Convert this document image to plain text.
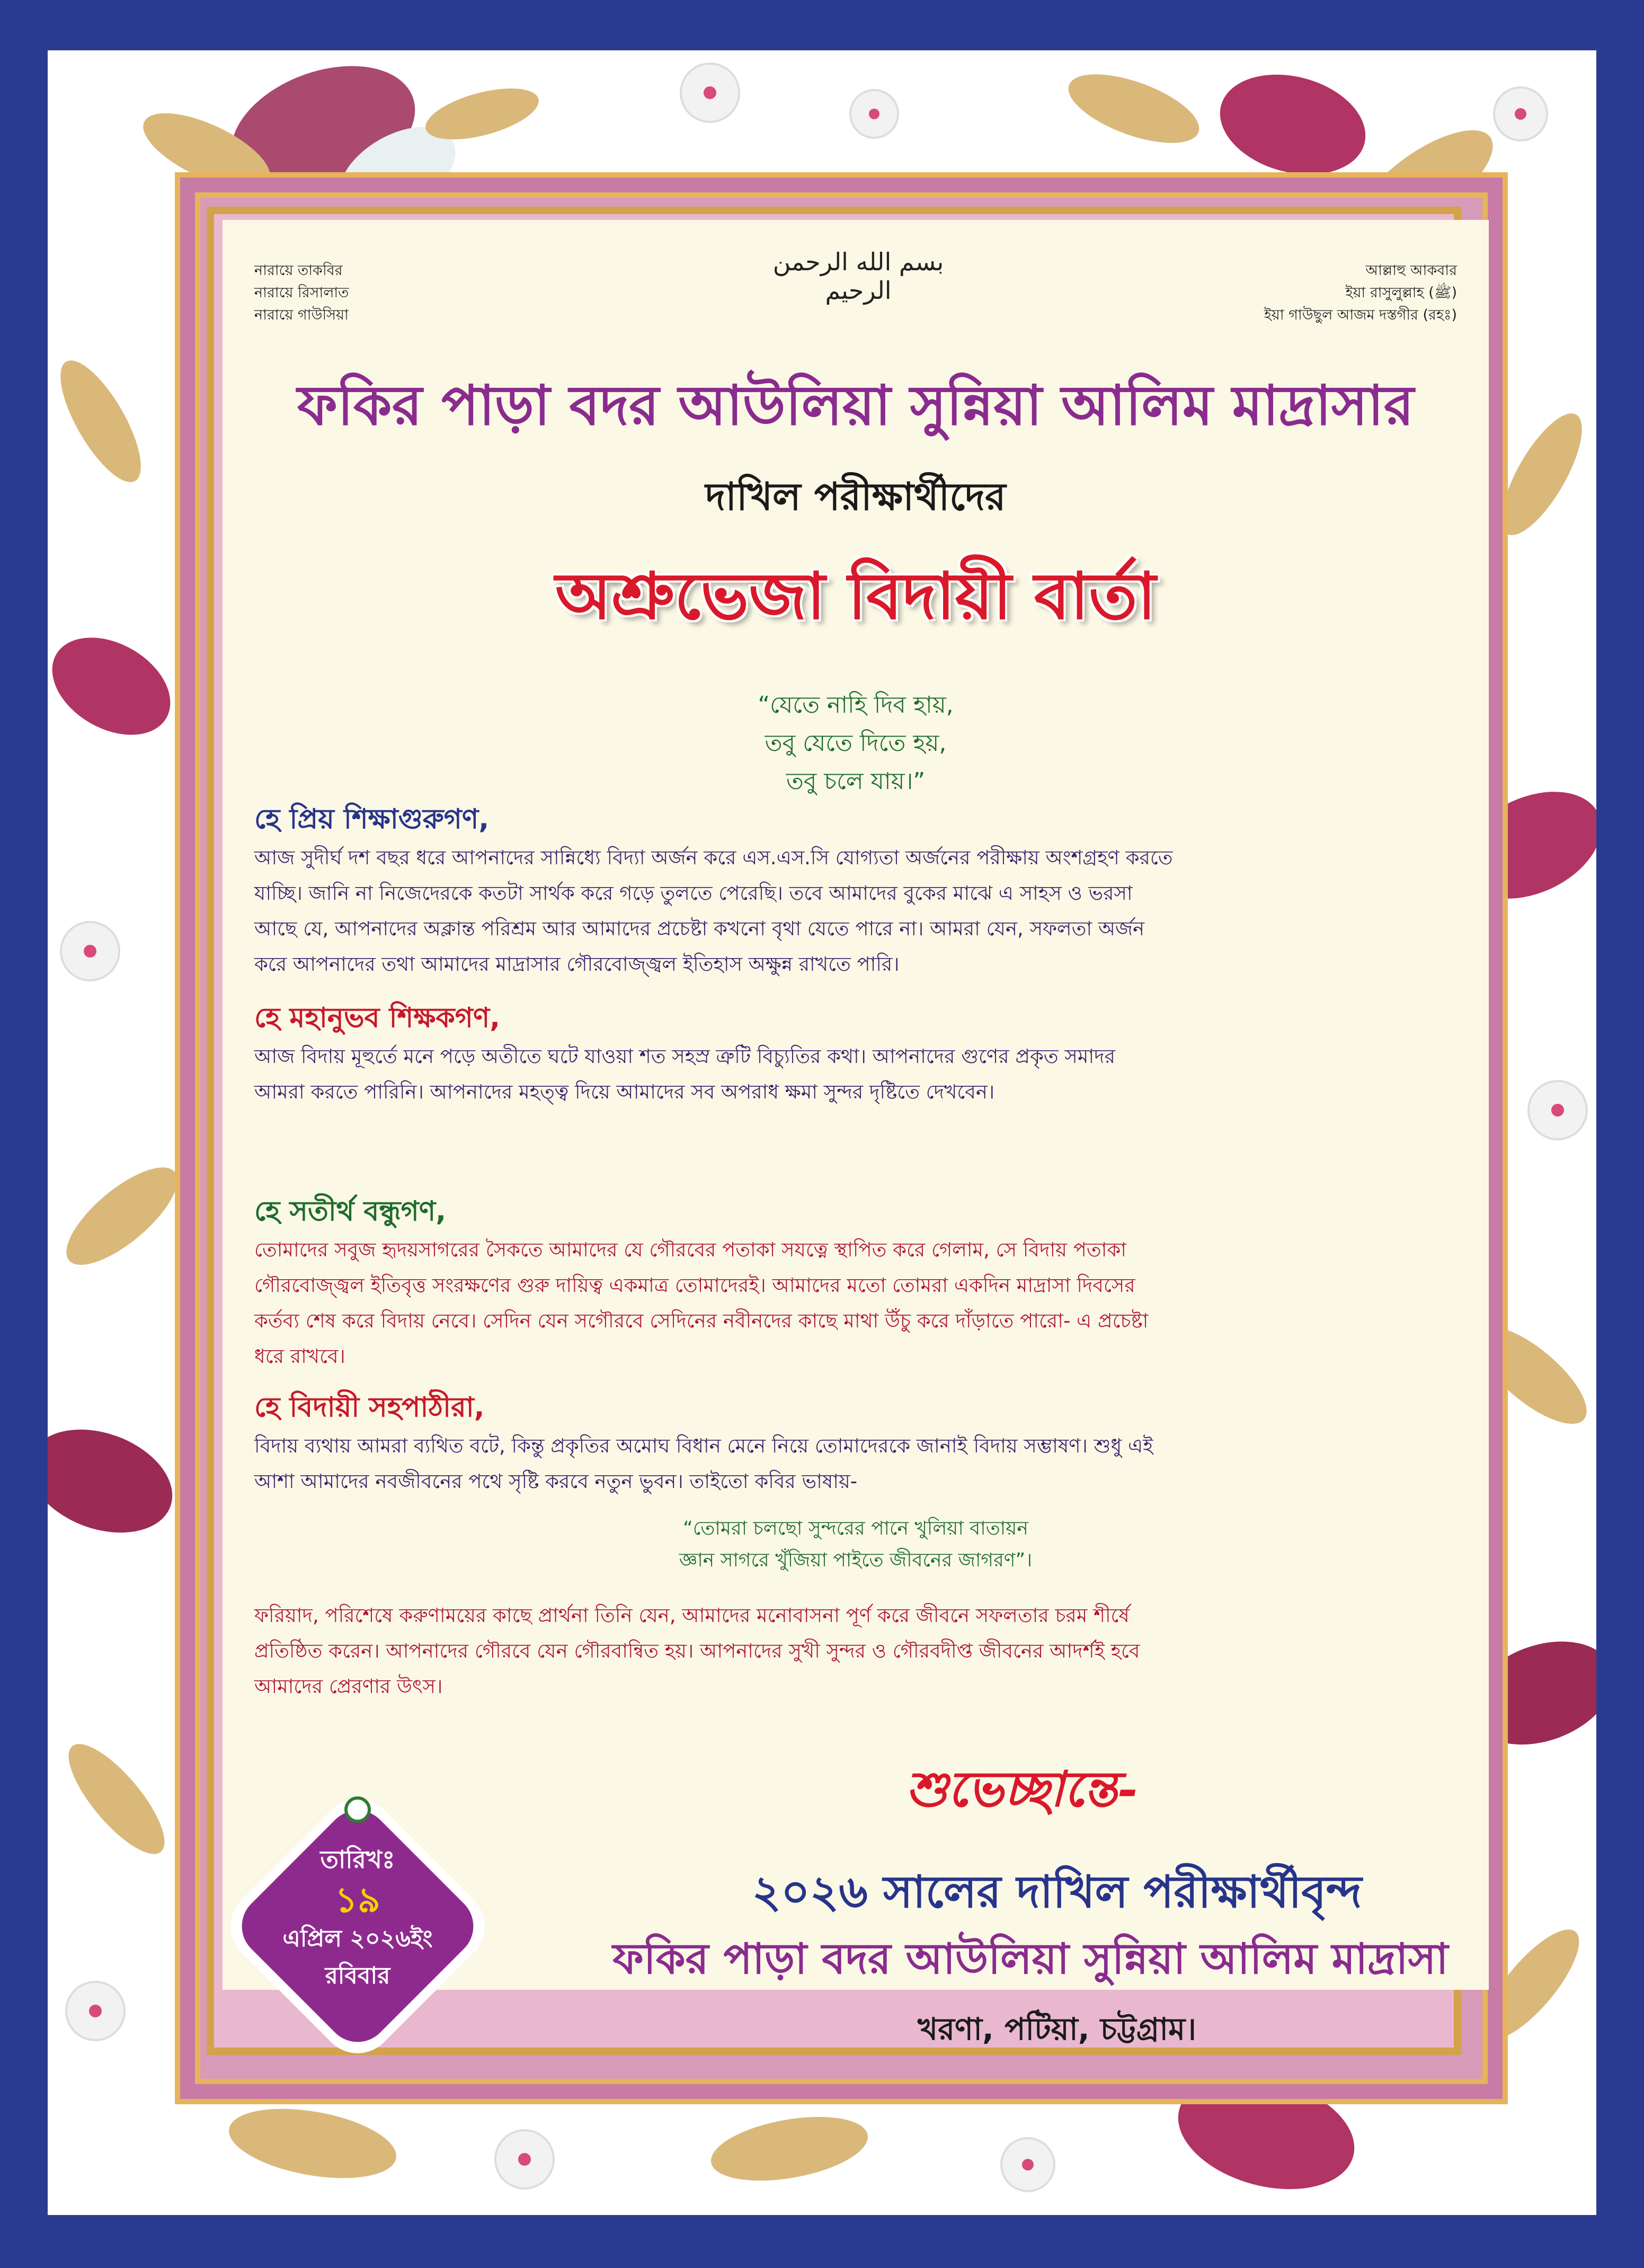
নারায়ে তাকবির
নারায়ে রিসালাত
নারায়ে গাউসিয়া
بسم الله الرحمن الرحيم
আল্লাহু আকবার
ইয়া রাসুলুল্লাহ (ﷺ)
ইয়া গাউছুল আজম দস্তগীর (রহঃ)
ফকির পাড়া বদর আউলিয়া সুন্নিয়া আলিম মাদ্রাসার
দাখিল পরীক্ষার্থীদের
অশ্রুভেজা বিদায়ী বার্তা
“যেতে নাহি দিব হায়,
তবু যেতে দিতে হয়,
তবু চলে যায়।”
হে প্রিয় শিক্ষাগুরুগণ,
আজ সুদীর্ঘ দশ বছর ধরে আপনাদের সান্নিধ্যে বিদ্যা অর্জন করে এস.এস.সি যোগ্যতা অর্জনের পরীক্ষায় অংশগ্রহণ করতে
যাচ্ছি। জানি না নিজেদেরকে কতটা সার্থক করে গড়ে তুলতে পেরেছি। তবে আমাদের বুকের মাঝে এ সাহস ও ভরসা
আছে যে, আপনাদের অক্লান্ত পরিশ্রম আর আমাদের প্রচেষ্টা কখনো বৃথা যেতে পারে না। আমরা যেন, সফলতা অর্জন
করে আপনাদের তথা আমাদের মাদ্রাসার গৌরবোজ্জ্বল ইতিহাস অক্ষুন্ন রাখতে পারি।
হে মহানুভব শিক্ষকগণ,
আজ বিদায় মূহুর্তে মনে পড়ে অতীতে ঘটে যাওয়া শত সহস্র ত্রুটি বিচ্যুতির কথা। আপনাদের গুণের প্রকৃত সমাদর
আমরা করতে পারিনি। আপনাদের মহত্ত্ব দিয়ে আমাদের সব অপরাধ ক্ষমা সুন্দর দৃষ্টিতে দেখবেন।
হে সতীর্থ বন্ধুগণ,
তোমাদের সবুজ হৃদয়সাগরের সৈকতে আমাদের যে গৌরবের পতাকা সযত্নে স্থাপিত করে গেলাম, সে বিদায় পতাকা
গৌরবোজ্জ্বল ইতিবৃত্ত সংরক্ষণের গুরু দায়িত্ব একমাত্র তোমাদেরই। আমাদের মতো তোমরা একদিন মাদ্রাসা দিবসের
কর্তব্য শেষ করে বিদায় নেবে। সেদিন যেন সগৌরবে সেদিনের নবীনদের কাছে মাথা উঁচু করে দাঁড়াতে পারো- এ প্রচেষ্টা
ধরে রাখবে।
হে বিদায়ী সহপাঠীরা,
বিদায় ব্যথায় আমরা ব্যথিত বটে, কিন্তু প্রকৃতির অমোঘ বিধান মেনে নিয়ে তোমাদেরকে জানাই বিদায় সম্ভাষণ। শুধু এই
আশা আমাদের নবজীবনের পথে সৃষ্টি করবে নতুন ভুবন। তাইতো কবির ভাষায়-
“তোমরা চলছো সুন্দরের পানে খুলিয়া বাতায়ন
জ্ঞান সাগরে খুঁজিয়া পাইতে জীবনের জাগরণ”।
ফরিয়াদ, পরিশেষে করুণাময়ের কাছে প্রার্থনা তিনি যেন, আমাদের মনোবাসনা পূর্ণ করে জীবনে সফলতার চরম শীর্ষে
প্রতিষ্ঠিত করেন। আপনাদের গৌরবে যেন গৌরবান্বিত হয়। আপনাদের সুখী সুন্দর ও গৌরবদীপ্ত জীবনের আদর্শই হবে
আমাদের প্রেরণার উৎস।
শুভেচ্ছান্তে-
২০২৬ সালের দাখিল পরীক্ষার্থীবৃন্দ
ফকির পাড়া বদর আউলিয়া সুন্নিয়া আলিম মাদ্রাসা
খরণা, পটিয়া, চট্টগ্রাম।
তারিখঃ
১৯
এপ্রিল ২০২৬ইং
রবিবার
